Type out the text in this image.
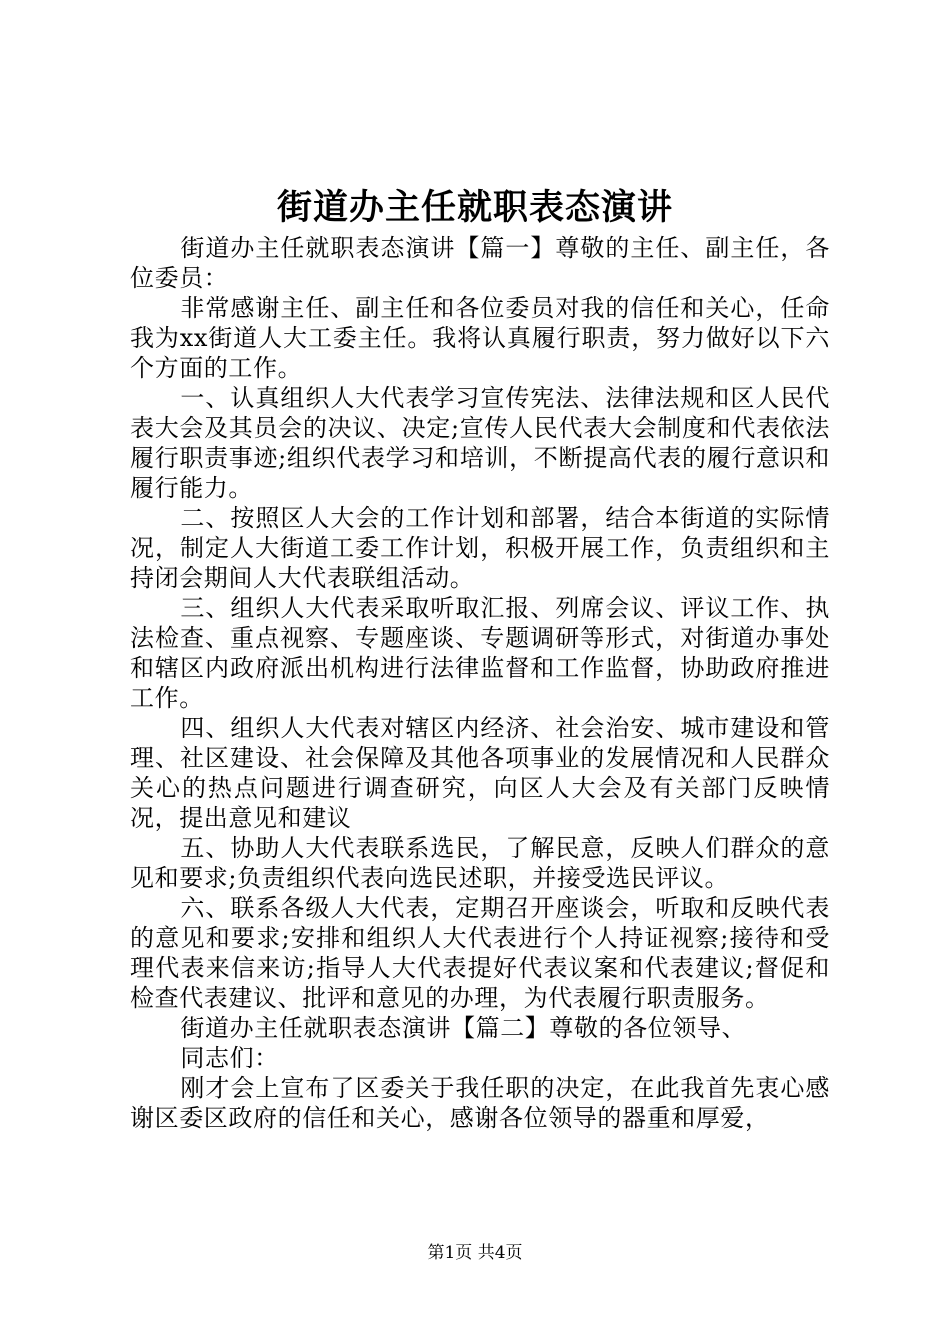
街道办主任就职表态演讲

街道办主任就职表态演讲【篇一】尊敬的主任、副主任，各位委员：

非常感谢主任、副主任和各位委员对我的信任和关心，任命我为xx街道人大工委主任。我将认真履行职责，努力做好以下六个方面的工作。

一、认真组织人大代表学习宣传宪法、法律法规和区人民代表大会及其员会的决议、决定;宣传人民代表大会制度和代表依法履行职责事迹;组织代表学习和培训，不断提高代表的履行意识和履行能力。

二、按照区人大会的工作计划和部署，结合本街道的实际情况，制定人大街道工委工作计划，积极开展工作，负责组织和主持闭会期间人大代表联组活动。

三、组织人大代表采取听取汇报、列席会议、评议工作、执法检查、重点视察、专题座谈、专题调研等形式，对街道办事处和辖区内政府派出机构进行法律监督和工作监督，协助政府推进工作。

四、组织人大代表对辖区内经济、社会治安、城市建设和管理、社区建设、社会保障及其他各项事业的发展情况和人民群众关心的热点问题进行调查研究，向区人大会及有关部门反映情况，提出意见和建议

五、协助人大代表联系选民，了解民意，反映人们群众的意见和要求;负责组织代表向选民述职，并接受选民评议。

六、联系各级人大代表，定期召开座谈会，听取和反映代表的意见和要求;安排和组织人大代表进行个人持证视察;接待和受理代表来信来访;指导人大代表提好代表议案和代表建议;督促和检查代表建议、批评和意见的办理，为代表履行职责服务。

街道办主任就职表态演讲【篇二】尊敬的各位领导、

同志们：

刚才会上宣布了区委关于我任职的决定，在此我首先衷心感谢区委区政府的信任和关心，感谢各位领导的器重和厚爱，

第1页 共4页
